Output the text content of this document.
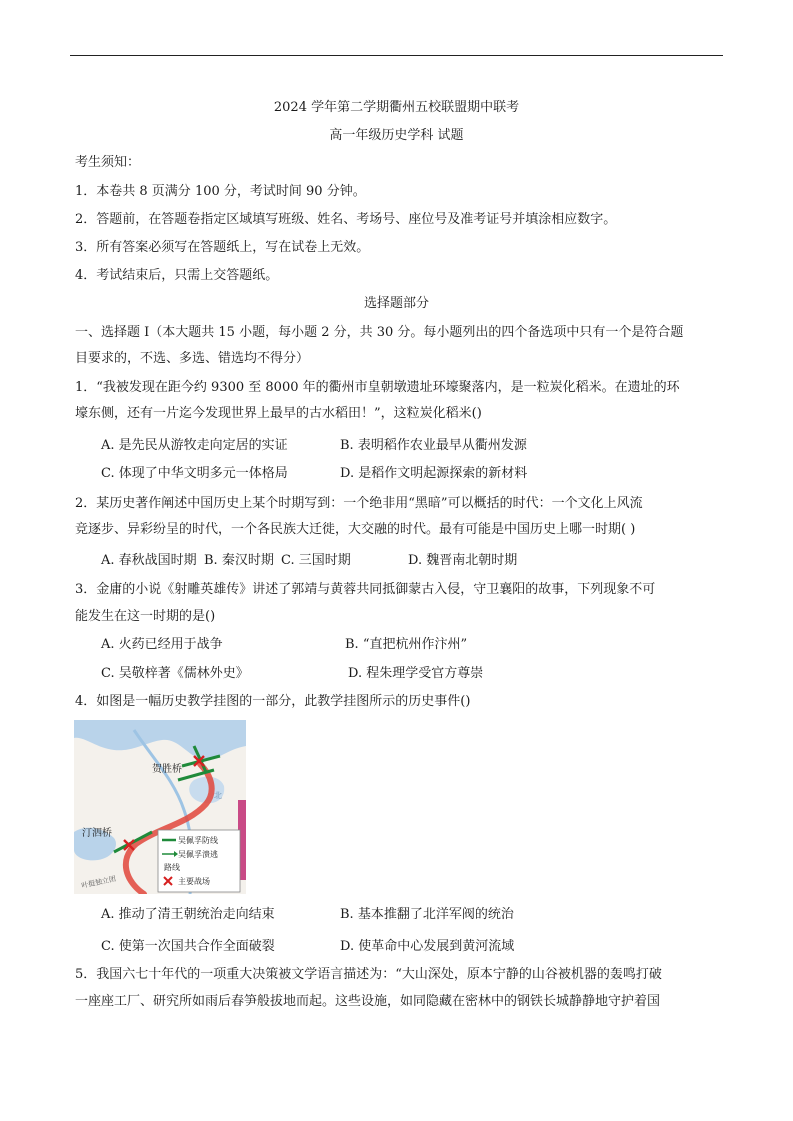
2024 学年第二学期衢州五校联盟期中联考
高一年级历史学科 试题
考生须知：
1．本卷共 8 页满分 100 分，考试时间 90 分钟。
2．答题前，在答题卷指定区域填写班级、姓名、考场号、座位号及准考证号并填涂相应数字。
3．所有答案必须写在答题纸上，写在试卷上无效。
4．考试结束后，只需上交答题纸。
选择题部分
一、选择题 I（本大题共 15 小题，每小题 2 分，共 30 分。每小题列出的四个备选项中只有一个是符合题
目要求的，不选、多选、错选均不得分）
1．“我被发现在距今约 9300 至 8000 年的衢州市皇朝墩遗址环壕聚落内，是一粒炭化稻米。在遗址的环
壕东侧，还有一片迄今发现世界上最早的古水稻田！”，这粒炭化稻米()
A. 是先民从游牧走向定居的实证	B. 表明稻作农业最早从衢州发源
C. 体现了中华文明多元一体格局	D. 是稻作文明起源探索的新材料
2．某历史著作阐述中国历史上某个时期写到：一个绝非用“黑暗”可以概括的时代：一个文化上风流
竞逐步、异彩纷呈的时代，一个各民族大迁徙，大交融的时代。最有可能是中国历史上哪一时期( )
A. 春秋战国时期 B. 秦汉时期 C. 三国时期	D. 魏晋南北朝时期
3．金庸的小说《射雕英雄传》讲述了郭靖与黄蓉共同抵御蒙古入侵，守卫襄阳的故事，下列现象不可
能发生在这一时期的是()
A. 火药已经用于战争	B. “直把杭州作汴州”
C. 吴敬梓著《儒林外史》	D. 程朱理学受官方尊崇
4．如图是一幅历史教学挂图的一部分，此教学挂图所示的历史事件()
贺胜桥
汀泗桥
北
叶挺独立团
吴佩孚防线
吴佩孚溃逃
路线
主要战场
A. 推动了清王朝统治走向结束	B. 基本推翻了北洋军阀的统治
C. 使第一次国共合作全面破裂	D. 使革命中心发展到黄河流域
5．我国六七十年代的一项重大决策被文学语言描述为：“大山深处，原本宁静的山谷被机器的轰鸣打破
一座座工厂、研究所如雨后春笋般拔地而起。这些设施，如同隐藏在密林中的钢铁长城静静地守护着国
